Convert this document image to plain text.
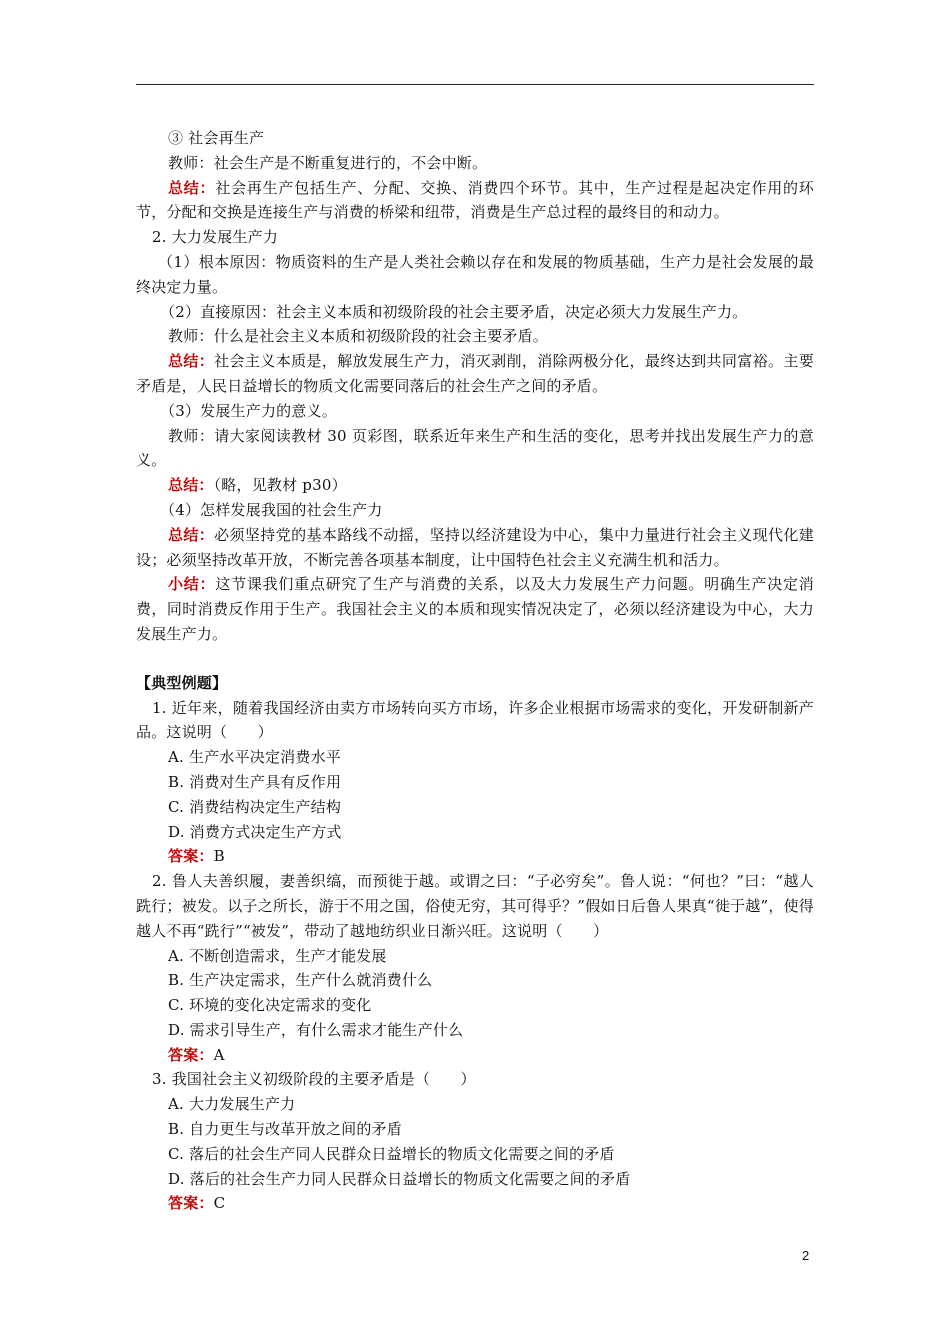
③ 社会再生产
教师：社会生产是不断重复进行的，不会中断。
总结：社会再生产包括生产、分配、交换、消费四个环节。其中，生产过程是起决定作用的环节，分配和交换是连接生产与消费的桥梁和纽带，消费是生产总过程的最终目的和动力。
2. 大力发展生产力
（1）根本原因：物质资料的生产是人类社会赖以存在和发展的物质基础，生产力是社会发展的最终决定力量。
（2）直接原因：社会主义本质和初级阶段的社会主要矛盾，决定必须大力发展生产力。
教师：什么是社会主义本质和初级阶段的社会主要矛盾。
总结：社会主义本质是，解放发展生产力，消灭剥削，消除两极分化，最终达到共同富裕。主要矛盾是，人民日益增长的物质文化需要同落后的社会生产之间的矛盾。
（3）发展生产力的意义。
教师：请大家阅读教材 30 页彩图，联系近年来生产和生活的变化，思考并找出发展生产力的意义。
总结：（略，见教材 p30）
（4）怎样发展我国的社会生产力
总结：必须坚持党的基本路线不动摇，坚持以经济建设为中心，集中力量进行社会主义现代化建设；必须坚持改革开放，不断完善各项基本制度，让中国特色社会主义充满生机和活力。
小结：这节课我们重点研究了生产与消费的关系，以及大力发展生产力问题。明确生产决定消费，同时消费反作用于生产。我国社会主义的本质和现实情况决定了，必须以经济建设为中心，大力发展生产力。
【典型例题】
1. 近年来，随着我国经济由卖方市场转向买方市场，许多企业根据市场需求的变化，开发研制新产品。这说明（　　）
A. 生产水平决定消费水平
B. 消费对生产具有反作用
C. 消费结构决定生产结构
D. 消费方式决定生产方式
答案：B
2. 鲁人夫善织履，妻善织缟，而预徙于越。或谓之曰：“子必穷矣”。鲁人说：“何也？”曰：“越人跣行；被发。以子之所长，游于不用之国，俗使无穷，其可得乎？”假如日后鲁人果真“徙于越”，使得越人不再“跣行”“被发”，带动了越地纺织业日渐兴旺。这说明（　　）
A. 不断创造需求，生产才能发展
B. 生产决定需求，生产什么就消费什么
C. 环境的变化决定需求的变化
D. 需求引导生产，有什么需求才能生产什么
答案：A
3. 我国社会主义初级阶段的主要矛盾是（　　）
A. 大力发展生产力
B. 自力更生与改革开放之间的矛盾
C. 落后的社会生产同人民群众日益增长的物质文化需要之间的矛盾
D. 落后的社会生产力同人民群众日益增长的物质文化需要之间的矛盾
答案：C
2
